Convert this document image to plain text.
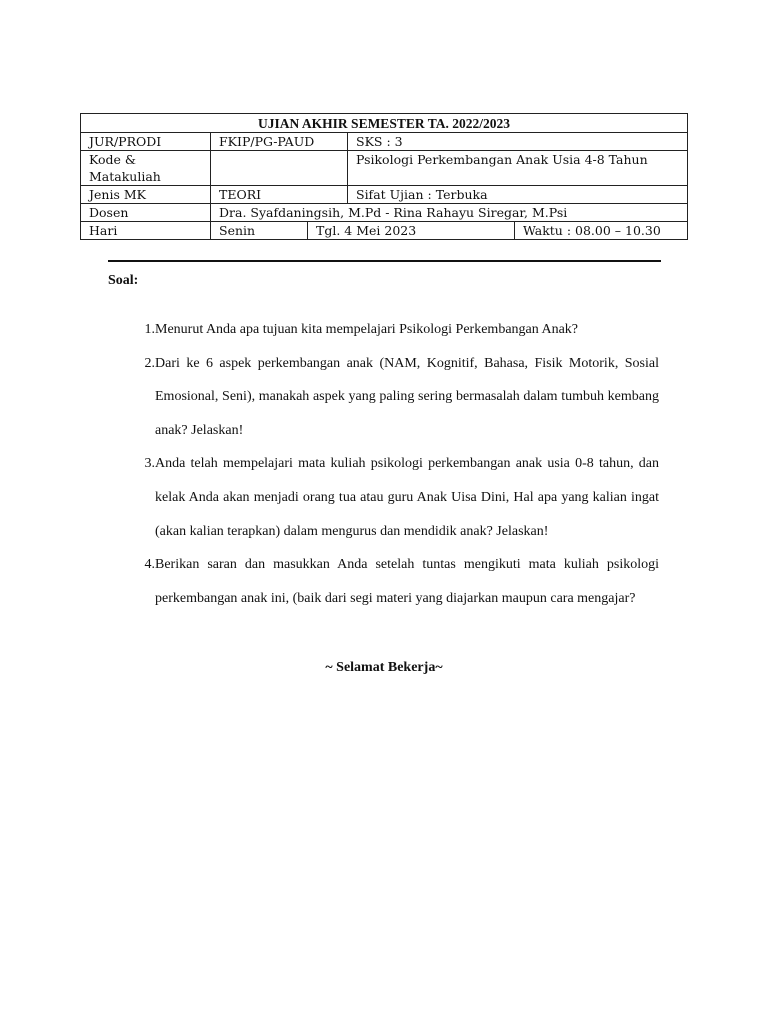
UJIAN AKHIR SEMESTER TA. 2022/2023				
JUR/PRODI	FKIP/PG-PAUD		SKS : 3	
Kode & Matakuliah			Psikologi Perkembangan Anak Usia 4-8 Tahun	
Jenis MK	TEORI		Sifat Ujian : Terbuka	
Dosen	Dra. Syafdaningsih, M.Pd - Rina Rahayu Siregar, M.Psi			
Hari	Senin	Tgl. 4 Mei 2023		Waktu : 08.00 – 10.30
Soal:
1. Menurut Anda apa tujuan kita mempelajari Psikologi Perkembangan Anak?
2. Dari ke 6 aspek perkembangan anak (NAM, Kognitif, Bahasa, Fisik Motorik, Sosial Emosional, Seni), manakah aspek yang paling sering bermasalah dalam tumbuh kembang anak? Jelaskan!
3. Anda telah mempelajari mata kuliah psikologi perkembangan anak usia 0-8 tahun, dan kelak Anda akan menjadi orang tua atau guru Anak Uisa Dini, Hal apa yang kalian ingat (akan kalian terapkan) dalam mengurus dan mendidik anak? Jelaskan!
4. Berikan saran dan masukkan Anda setelah tuntas mengikuti mata kuliah psikologi perkembangan anak ini, (baik dari segi materi yang diajarkan maupun cara mengajar?
~ Selamat Bekerja~
